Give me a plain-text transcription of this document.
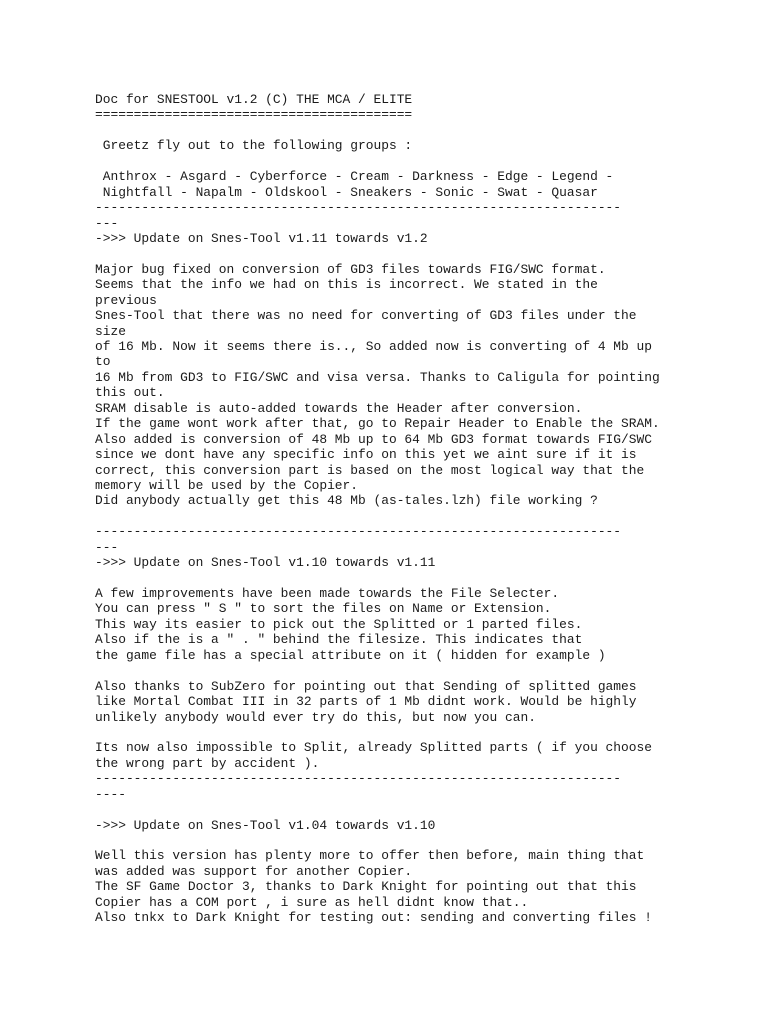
Doc for SNESTOOL v1.2 (C) THE MCA / ELITE
=========================================
Greetz fly out to the following groups :
Anthrox - Asgard - Cyberforce - Cream - Darkness - Edge - Legend -
Nightfall - Napalm - Oldskool - Sneakers - Sonic - Swat - Quasar
--------------------------------------------------------------------
---
->>> Update on Snes-Tool v1.11 towards v1.2
Major bug fixed on conversion of GD3 files towards FIG/SWC format.
Seems that the info we had on this is incorrect. We stated in the
previous
Snes-Tool that there was no need for converting of GD3 files under the
size
of 16 Mb. Now it seems there is.., So added now is converting of 4 Mb up
to
16 Mb from GD3 to FIG/SWC and visa versa. Thanks to Caligula for pointing
this out.
SRAM disable is auto-added towards the Header after conversion.
If the game wont work after that, go to Repair Header to Enable the SRAM.
Also added is conversion of 48 Mb up to 64 Mb GD3 format towards FIG/SWC
since we dont have any specific info on this yet we aint sure if it is
correct, this conversion part is based on the most logical way that the
memory will be used by the Copier.
Did anybody actually get this 48 Mb (as-tales.lzh) file working ?
--------------------------------------------------------------------
---
->>> Update on Snes-Tool v1.10 towards v1.11
A few improvements have been made towards the File Selecter.
You can press " S " to sort the files on Name or Extension.
This way its easier to pick out the Splitted or 1 parted files.
Also if the is a " . " behind the filesize. This indicates that
the game file has a special attribute on it ( hidden for example )
Also thanks to SubZero for pointing out that Sending of splitted games
like Mortal Combat III in 32 parts of 1 Mb didnt work. Would be highly
unlikely anybody would ever try do this, but now you can.
Its now also impossible to Split, already Splitted parts ( if you choose
the wrong part by accident ).
--------------------------------------------------------------------
----
->>> Update on Snes-Tool v1.04 towards v1.10
Well this version has plenty more to offer then before, main thing that
was added was support for another Copier.
The SF Game Doctor 3, thanks to Dark Knight for pointing out that this
Copier has a COM port , i sure as hell didnt know that..
Also tnkx to Dark Knight for testing out: sending and converting files !
